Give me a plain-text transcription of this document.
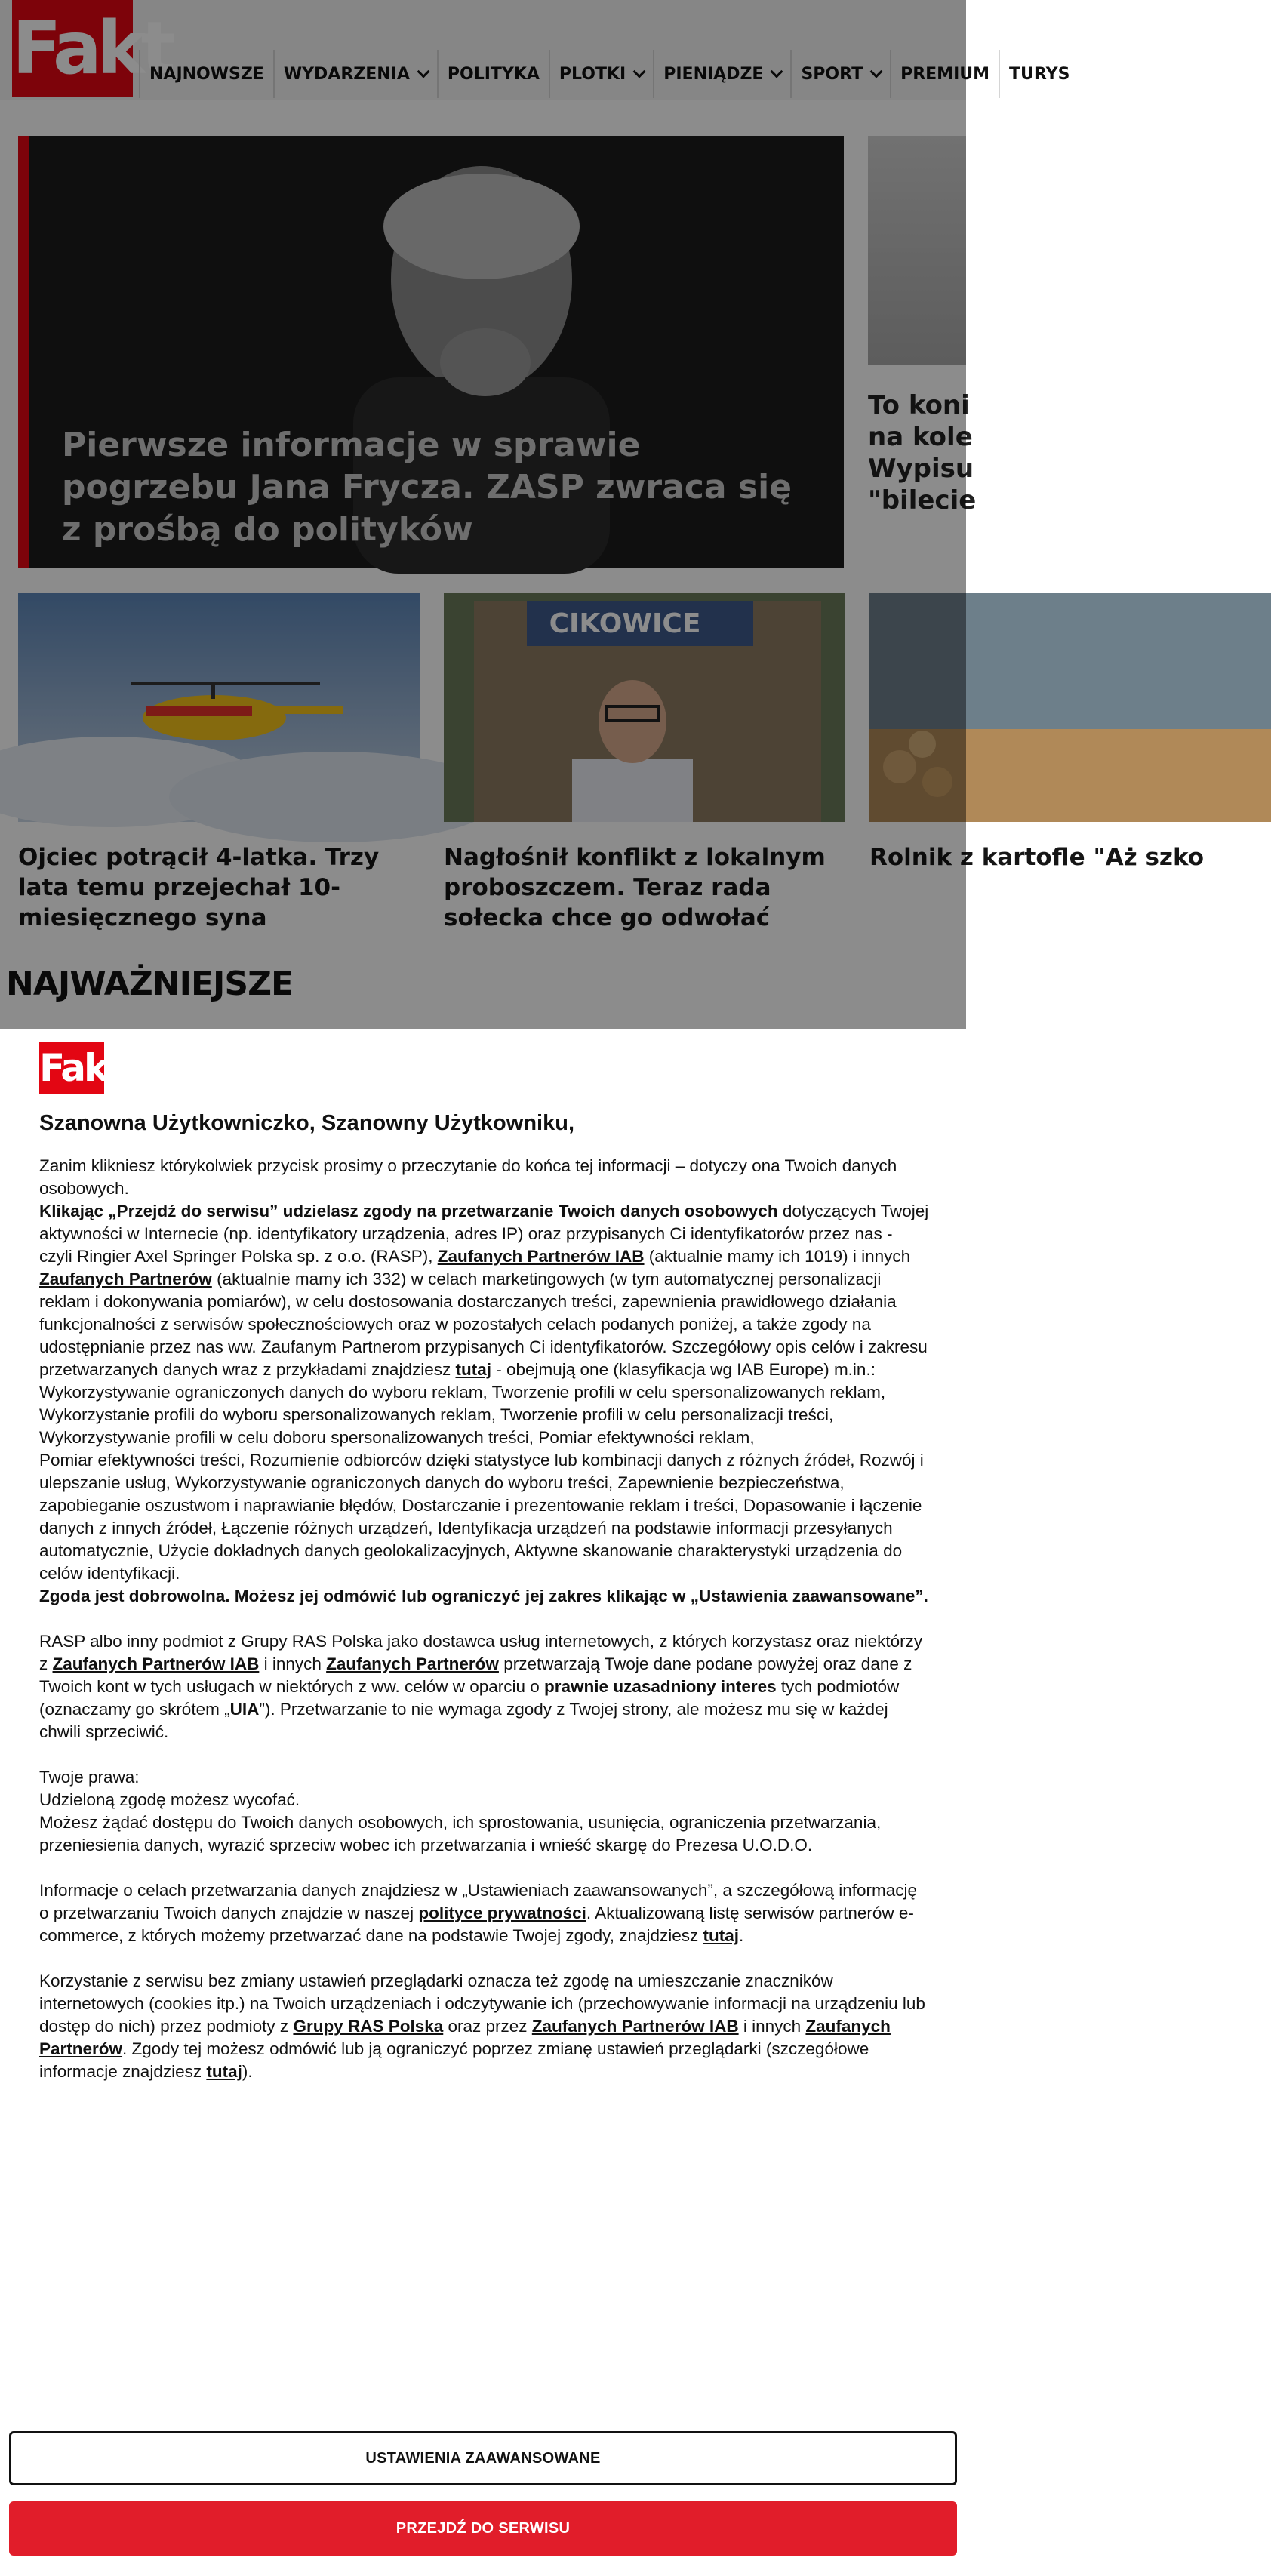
Fakt
NAJNOWSZE WYDARZENIA POLITYKA PLOTKI PIENIĄDZE SPORT PREMIUM TURYS
Pierwsze informacje w sprawie pogrzebu Jana Frycza. ZASP zwraca się z prośbą do polityków
To koni
na kole
Wypisu
"bilecie
Ojciec potrącił 4-latka. Trzy lata temu przejechał 10-miesięcznego syna
CIKOWICE
Nagłośnił konflikt z lokalnym proboszczem. Teraz rada sołecka chce go odwołać
Rolnik z kartofle "Aż szko
NAJWAŻNIEJSZE
Fakt
Szanowna Użytkowniczko, Szanowny Użytkowniku,

Zanim klikniesz którykolwiek przycisk prosimy o przeczytanie do końca tej informacji – dotyczy ona Twoich danych osobowych.

Klikając „Przejdź do serwisu” udzielasz zgody na przetwarzanie Twoich danych osobowych dotyczących Twojej aktywności w Internecie (np. identyfikatory urządzenia, adres IP) oraz przypisanych Ci identyfikatorów przez nas - czyli Ringier Axel Springer Polska sp. z o.o. (RASP), Zaufanych Partnerów IAB (aktualnie mamy ich 1019) i innych Zaufanych Partnerów (aktualnie mamy ich 332) w celach marketingowych (w tym automatycznej personalizacji reklam i dokonywania pomiarów), w celu dostosowania dostarczanych treści, zapewnienia prawidłowego działania funkcjonalności z serwisów społecznościowych oraz w pozostałych celach podanych poniżej, a także zgody na udostępnianie przez nas ww. Zaufanym Partnerom przypisanych Ci identyfikatorów. Szczegółowy opis celów i zakresu przetwarzanych danych wraz z przykładami znajdziesz tutaj - obejmują one (klasyfikacja wg IAB Europe) m.in.: Wykorzystywanie ograniczonych danych do wyboru reklam, Tworzenie profili w celu spersonalizowanych reklam, Wykorzystanie profili do wyboru spersonalizowanych reklam, Tworzenie profili w celu personalizacji treści, Wykorzystywanie profili w celu doboru spersonalizowanych treści, Pomiar efektywności reklam,

Pomiar efektywności treści, Rozumienie odbiorców dzięki statystyce lub kombinacji danych z różnych źródeł, Rozwój i ulepszanie usług, Wykorzystywanie ograniczonych danych do wyboru treści, Zapewnienie bezpieczeństwa, zapobieganie oszustwom i naprawianie błędów, Dostarczanie i prezentowanie reklam i treści, Dopasowanie i łączenie danych z innych źródeł, Łączenie różnych urządzeń, Identyfikacja urządzeń na podstawie informacji przesyłanych automatycznie, Użycie dokładnych danych geolokalizacyjnych, Aktywne skanowanie charakterystyki urządzenia do celów identyfikacji.

Zgoda jest dobrowolna. Możesz jej odmówić lub ograniczyć jej zakres klikając w „Ustawienia zaawansowane”.

RASP albo inny podmiot z Grupy RAS Polska jako dostawca usług internetowych, z których korzystasz oraz niektórzy z Zaufanych Partnerów IAB i innych Zaufanych Partnerów przetwarzają Twoje dane podane powyżej oraz dane z Twoich kont w tych usługach w niektórych z ww. celów w oparciu o prawnie uzasadniony interes tych podmiotów (oznaczamy go skrótem „UIA”). Przetwarzanie to nie wymaga zgody z Twojej strony, ale możesz mu się w każdej chwili sprzeciwić.

Twoje prawa:

Udzieloną zgodę możesz wycofać.

Możesz żądać dostępu do Twoich danych osobowych, ich sprostowania, usunięcia, ograniczenia przetwarzania, przeniesienia danych, wyrazić sprzeciw wobec ich przetwarzania i wnieść skargę do Prezesa U.O.D.O.

Informacje o celach przetwarzania danych znajdziesz w „Ustawieniach zaawansowanych”, a szczegółową informację o przetwarzaniu Twoich danych znajdzie w naszej polityce prywatności. Aktualizowaną listę serwisów partnerów e-commerce, z których możemy przetwarzać dane na podstawie Twojej zgody, znajdziesz tutaj.

Korzystanie z serwisu bez zmiany ustawień przeglądarki oznacza też zgodę na umieszczanie znaczników internetowych (cookies itp.) na Twoich urządzeniach i odczytywanie ich (przechowywanie informacji na urządzeniu lub dostęp do nich) przez podmioty z Grupy RAS Polska oraz przez Zaufanych Partnerów IAB i innych Zaufanych Partnerów. Zgody tej możesz odmówić lub ją ograniczyć poprzez zmianę ustawień przeglądarki (szczegółowe informacje znajdziesz tutaj).

USTAWIENIA ZAAWANSOWANE
PRZEJDŹ DO SERWISU
